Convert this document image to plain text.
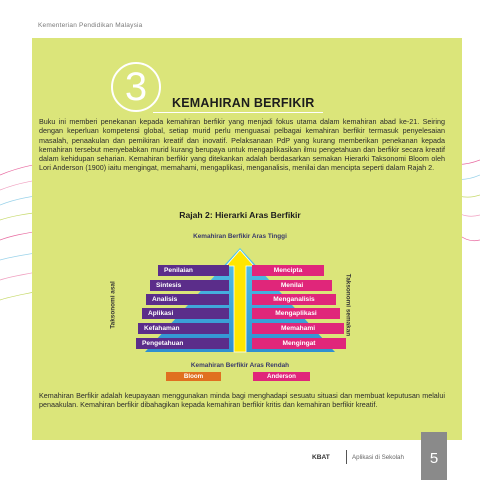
Kementerian Pendidikan Malaysia
3	KEMAHIRAN BERFIKIR

Buku ini memberi penekanan kepada kemahiran berfikir yang menjadi fokus utama dalam kemahiran abad ke-21. Seiring dengan keperluan kompetensi global, setiap murid perlu menguasai pelbagai kemahiran berfikir termasuk penyelesaian masalah, penaakulan dan pemikiran kreatif dan inovatif. Pelaksanaan PdP yang kurang memberikan penekanan kepada kemahiran tersebut menyebabkan murid kurang berupaya untuk mengaplikasikan ilmu pengetahuan dan berfikir secara kreatif dalam kehidupan seharian. Kemahiran berfikir yang ditekankan adalah berdasarkan semakan Hierarki Taksonomi Bloom oleh Lori Anderson (1900) iaitu mengingat, memahami, mengaplikasi, menganalisis, menilai dan mencipta seperti dalam Rajah 2.

Rajah 2: Hierarki Aras Berfikir
Kemahiran Berfikir Aras Tinggi
Penilaian
Sintesis
Analisis
Aplikasi
Kefahaman
Pengetahuan
Mencipta
Menilai
Menganalisis
Mengaplikasi
Memahami
Mengingat
Taksonomi asal	Taksonomi semakan
Kemahiran Berfikir Aras Rendah
Bloom	Anderson

Kemahiran Berfikir adalah keupayaan menggunakan minda bagi menghadapi sesuatu situasi dan membuat keputusan melalui penaakulan. Kemahiran berfikir dibahagikan kepada kemahiran berfikir kritis dan kemahiran berfikir kreatif.

KBAT	Aplikasi di Sekolah	5
